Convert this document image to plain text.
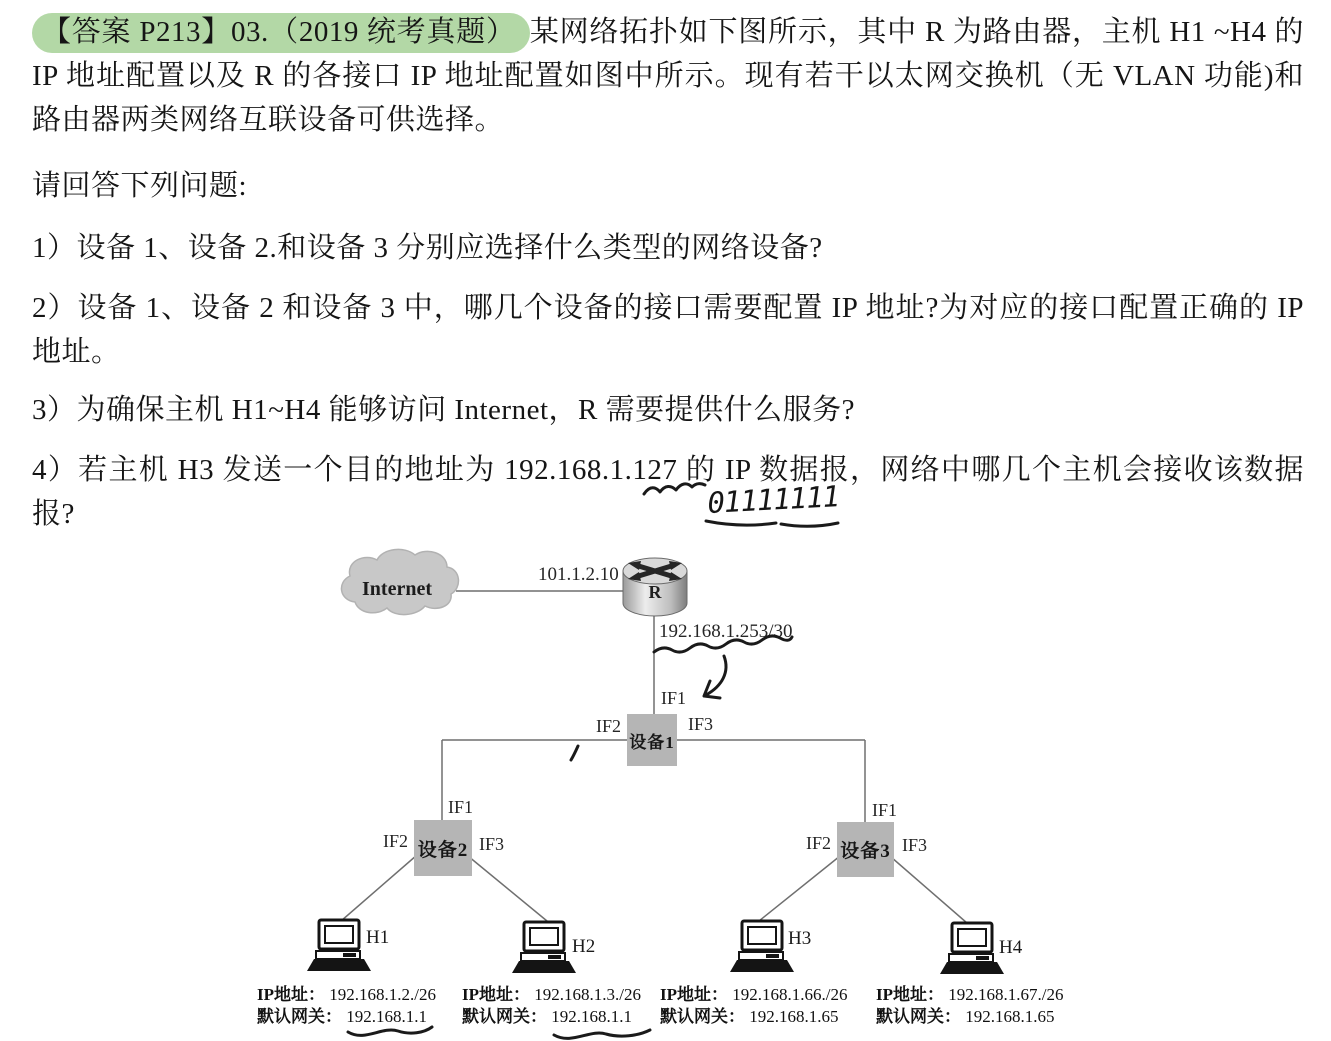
【答案 P213】03.（2019 统考真题） 某网络拓扑如下图所示，其中 R 为路由器，主机 H1 ~H4 的 IP 地址配置以及 R 的各接口 IP 地址配置如图中所示。现有若干以太网交换机（无 VLAN 功能)和路由器两类网络互联设备可供选择。
请回答下列问题:
1）设备 1、设备 2.和设备 3 分别应选择什么类型的网络设备?
2）设备 1、设备 2 和设备 3 中，哪几个设备的接口需要配置 IP 地址?为对应的接口配置正确的 IP 地址。
3）为确保主机 H1~H4 能够访问 Internet，R 需要提供什么服务?
4）若主机 H3 发送一个目的地址为 192.168.1.127 的 IP 数据报，网络中哪几个主机会接收该数据报?
Internet	R
101.1.2.10
192.168.1.253/30
设备1
设备2	设备3
IF1
IF2	IF3
IF1
IF2	IF3
IF1
IF2	IF3
H1	H2	H3	H4
IP地址： 192.168.1.2./26
默认网关： 192.168.1.1
IP地址： 192.168.1.3./26
默认网关： 192.168.1.1
IP地址： 192.168.1.66./26
默认网关： 192.168.1.65
IP地址： 192.168.1.67./26
默认网关： 192.168.1.65
01111111
